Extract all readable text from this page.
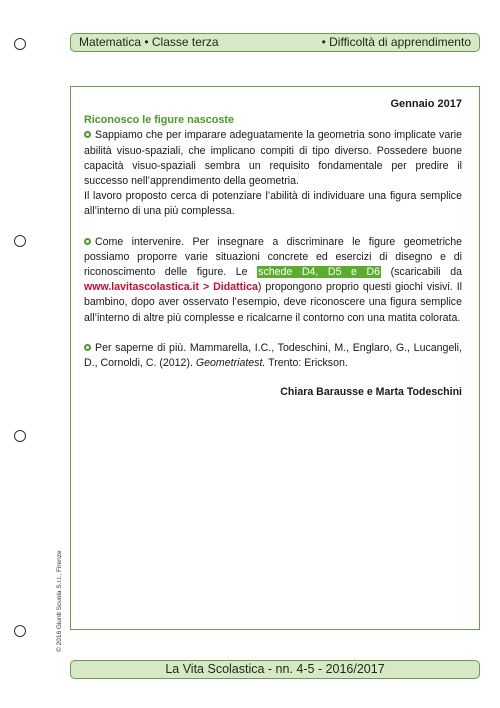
Matematica • Classe terza	• Difficoltà di apprendimento
Gennaio 2017
Riconosco le figure nascoste

Sappiamo che per imparare adeguatamente la geometria sono implicate varie abilità visuo-spaziali, che implicano compiti di tipo diverso. Possedere buone capacità visuo-spaziali sembra un requisito fondamentale per predire il successo nell’apprendimento della geometria.

Il lavoro proposto cerca di potenziare l’abilità di individuare una figura semplice all’interno di una più complessa.

Come intervenire. Per insegnare a discriminare le figure geometriche possiamo proporre varie situazioni concrete ed esercizi di disegno e di riconoscimento delle figure. Le schede D4, D5 e D6 (scaricabili da www.lavitascolastica.it > Didattica) propongono proprio questi giochi visivi. Il bambino, dopo aver osservato l’esempio, deve riconoscere una figura semplice all’interno di altre più complesse e ricalcarne il contorno con una matita colorata.

Per saperne di più. Mammarella, I.C., Todeschini, M., Englaro, G., Lucangeli, D., Cornoldi, C. (2012). Geometriatest. Trento: Erickson.

Chiara Barausse e Marta Todeschini
© 2016 Giunti Scuola S.r.l., Firenze
La Vita Scolastica - nn. 4-5 - 2016/2017
